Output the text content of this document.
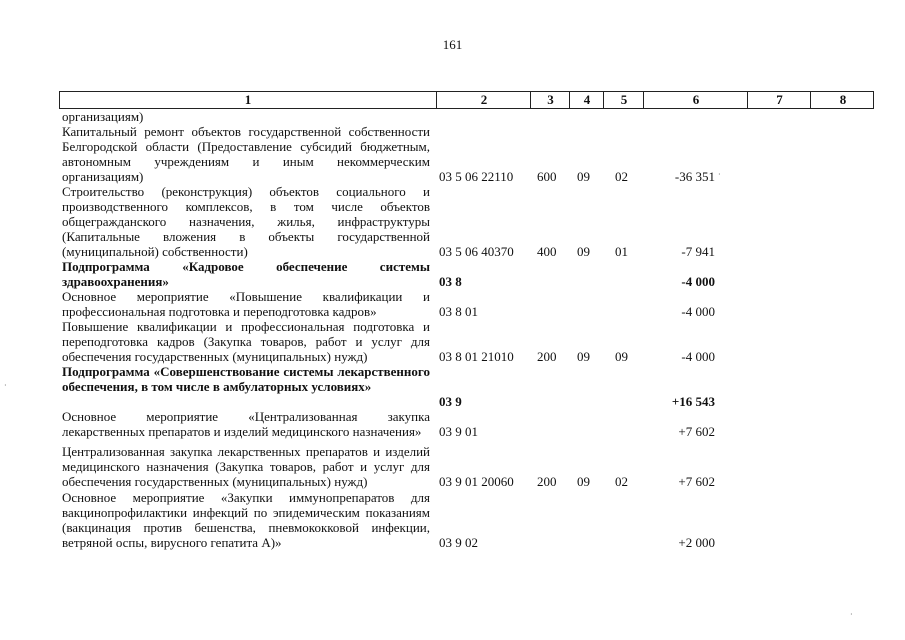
161
1	2	3	4	5	6	7	8
организациям)
Капитальный ремонт объектов государственной собственности Белгородской области (Предоставление субсидий бюджетным, автономным учреждениям и иным некоммерческим организациям)	03 5 06 22110 600 09 02	-36 351
Строительство (реконструкция) объектов социального и производственного комплексов, в том числе объектов общегражданского назначения, жилья, инфраструктуры (Капитальные вложения в объекты государственной (муниципальной) собственности)	03 5 06 40370 400 09 01	-7 941
Подпрограмма «Кадровое обеспечение системы здравоохранения»	03 8	-4 000
Основное мероприятие «Повышение квалификации и профессиональная подготовка и переподготовка кадров»	03 8 01	-4 000
Повышение квалификации и профессиональная подготовка и переподготовка кадров (Закупка товаров, работ и услуг для обеспечения государственных (муниципальных) нужд)	03 8 01 21010 200 09 09	-4 000
Подпрограмма «Совершенствование системы лекарственного обеспечения, в том числе в амбулаторных условиях»
03 9	+16 543
Основное мероприятие «Централизованная закупка лекарственных препаратов и изделий медицинского назначения»	03 9 01	+7 602
Централизованная закупка лекарственных препаратов и изделий медицинского назначения (Закупка товаров, работ и услуг для обеспечения государственных (муниципальных) нужд)	03 9 01 20060 200 09 02	+7 602
Основное мероприятие «Закупки иммунопрепаратов для вакцинопрофилактики инфекций по эпидемическим показаниям (вакцинация против бешенства, пневмококковой инфекции, ветряной оспы, вирусного гепатита А)»	03 9 02	+2 000
·
·
·
